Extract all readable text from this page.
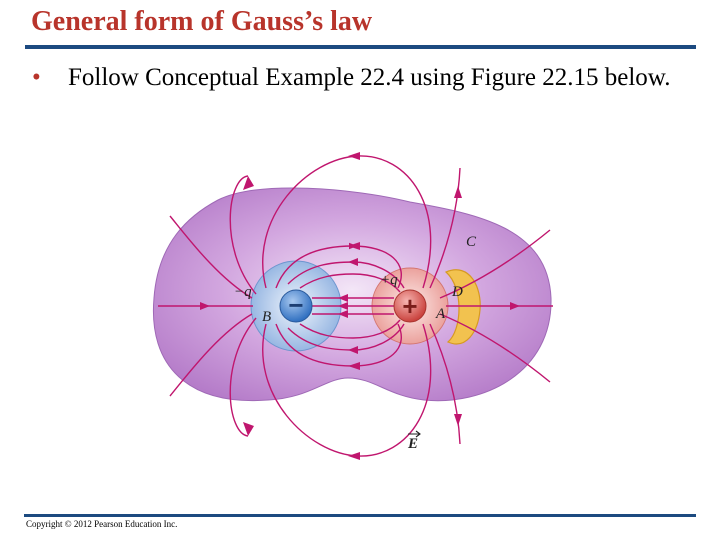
General form of Gauss’s law
• Follow Conceptual Example 22.4 using Figure 22.15 below.
−	+
−q
+q
B	A
C
D
E
Copyright © 2012 Pearson Education Inc.
